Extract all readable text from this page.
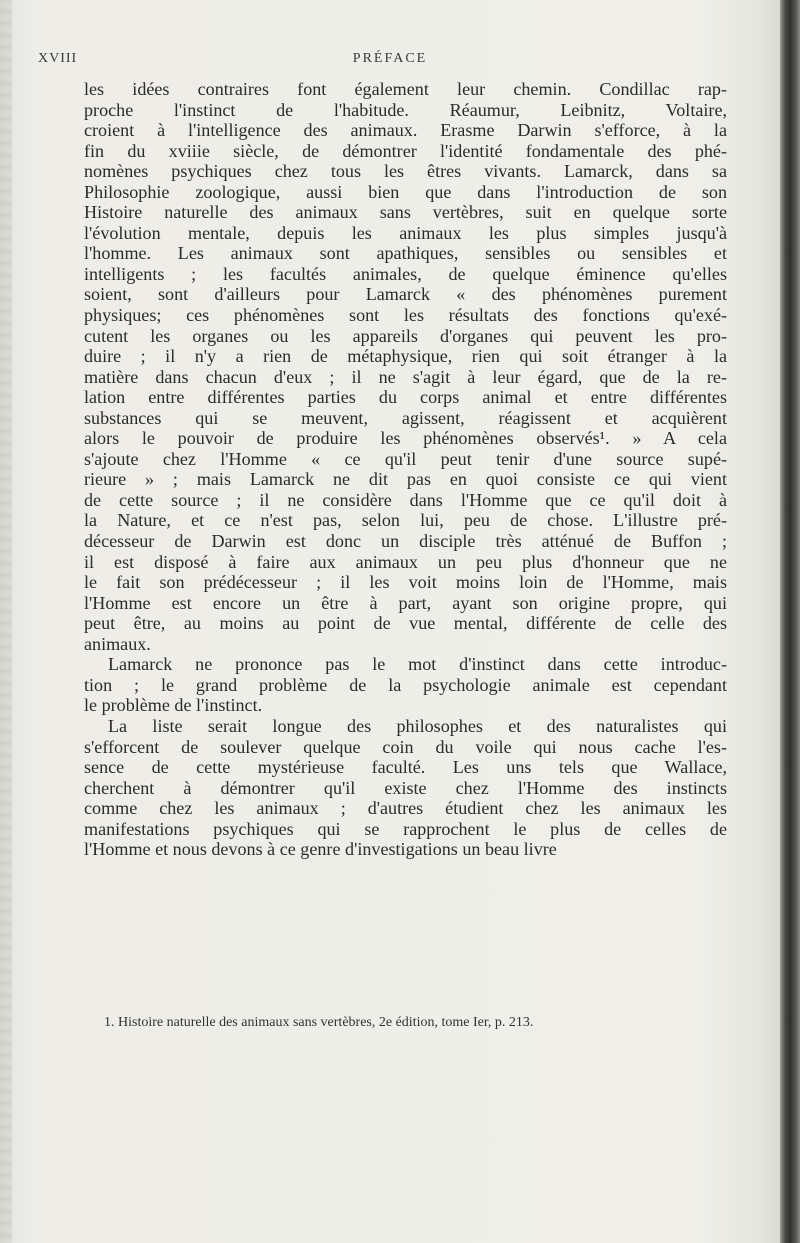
XVIII	PRÉFACE
les idées contraires font également leur chemin. Condillac rap-
proche l'instinct de l'habitude. Réaumur, Leibnitz, Voltaire,
croient à l'intelligence des animaux. Erasme Darwin s'efforce, à la
fin du xviiie siècle, de démontrer l'identité fondamentale des phé-
nomènes psychiques chez tous les êtres vivants. Lamarck, dans sa
Philosophie zoologique, aussi bien que dans l'introduction de son
Histoire naturelle des animaux sans vertèbres, suit en quelque sorte
l'évolution mentale, depuis les animaux les plus simples jusqu'à
l'homme. Les animaux sont apathiques, sensibles ou sensibles et
intelligents ; les facultés animales, de quelque éminence qu'elles
soient, sont d'ailleurs pour Lamarck « des phénomènes purement
physiques; ces phénomènes sont les résultats des fonctions qu'exé-
cutent les organes ou les appareils d'organes qui peuvent les pro-
duire ; il n'y a rien de métaphysique, rien qui soit étranger à la
matière dans chacun d'eux ; il ne s'agit à leur égard, que de la re-
lation entre différentes parties du corps animal et entre différentes
substances qui se meuvent, agissent, réagissent et acquièrent
alors le pouvoir de produire les phénomènes observés¹. » A cela
s'ajoute chez l'Homme « ce qu'il peut tenir d'une source supé-
rieure » ; mais Lamarck ne dit pas en quoi consiste ce qui vient
de cette source ; il ne considère dans l'Homme que ce qu'il doit à
la Nature, et ce n'est pas, selon lui, peu de chose. L'illustre pré-
décesseur de Darwin est donc un disciple très atténué de Buffon ;
il est disposé à faire aux animaux un peu plus d'honneur que ne
le fait son prédécesseur ; il les voit moins loin de l'Homme, mais
l'Homme est encore un être à part, ayant son origine propre, qui
peut être, au moins au point de vue mental, différente de celle des
animaux.
Lamarck ne prononce pas le mot d'instinct dans cette introduc-
tion ; le grand problème de la psychologie animale est cependant
le problème de l'instinct.
La liste serait longue des philosophes et des naturalistes qui
s'efforcent de soulever quelque coin du voile qui nous cache l'es-
sence de cette mystérieuse faculté. Les uns tels que Wallace,
cherchent à démontrer qu'il existe chez l'Homme des instincts
comme chez les animaux ; d'autres étudient chez les animaux les
manifestations psychiques qui se rapprochent le plus de celles de
l'Homme et nous devons à ce genre d'investigations un beau livre
1. Histoire naturelle des animaux sans vertèbres, 2e édition, tome Ier, p. 213.
